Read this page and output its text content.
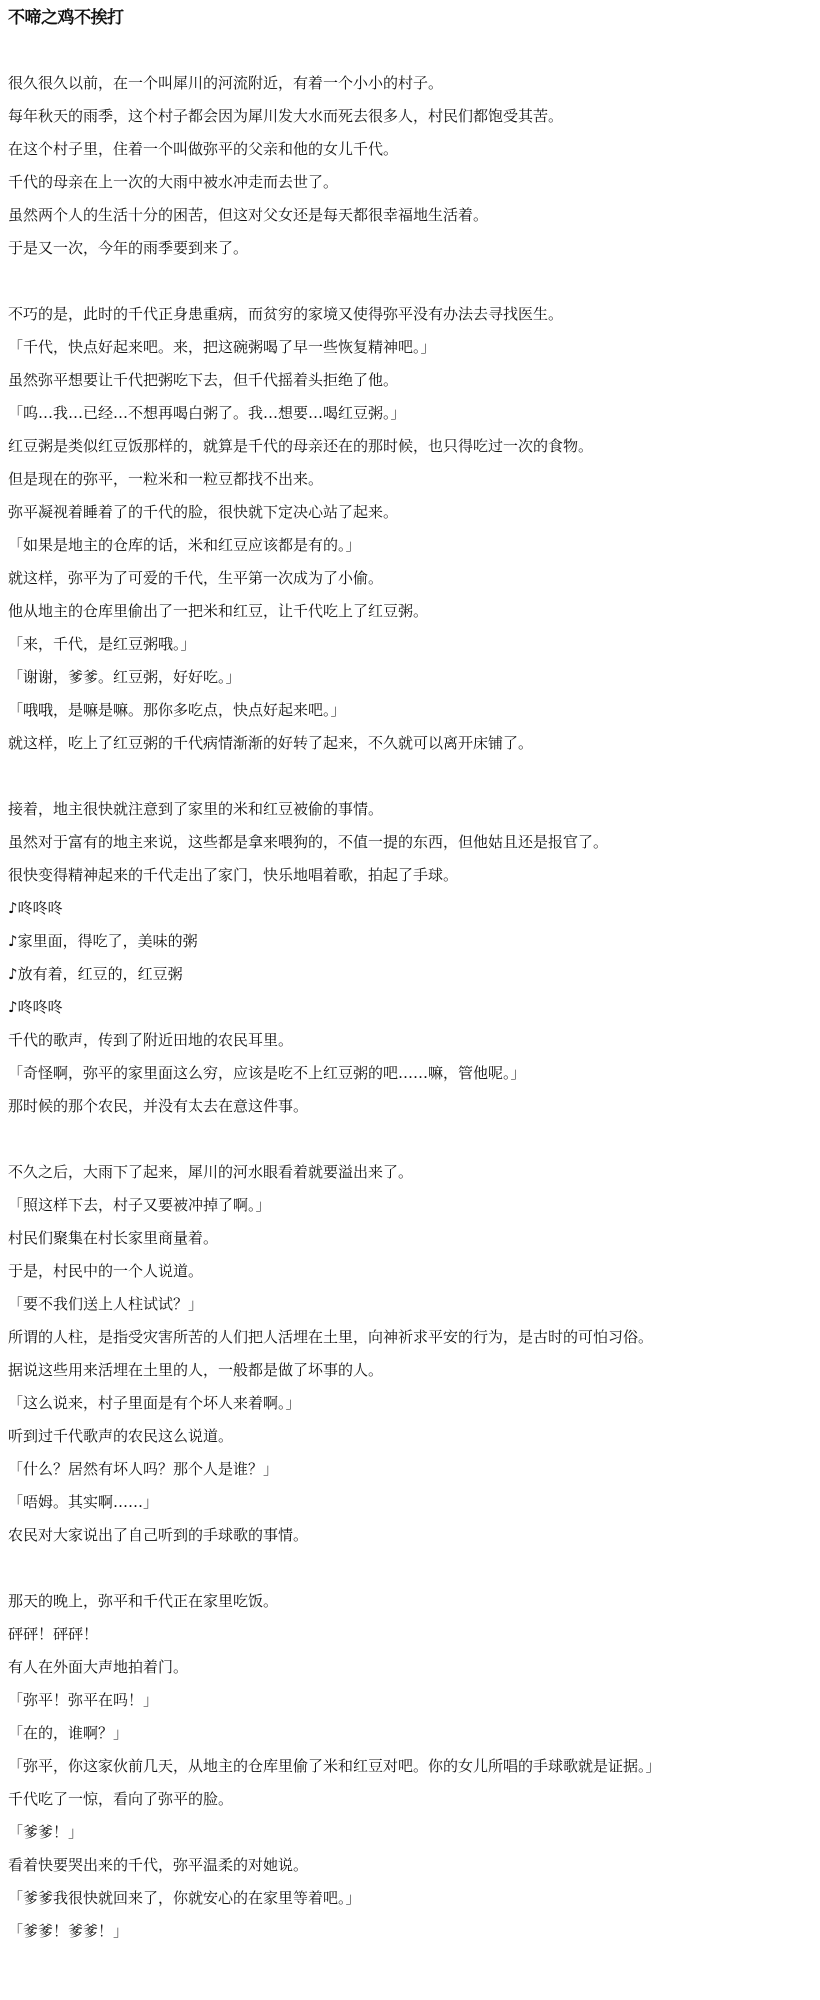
不啼之鸡不挨打
很久很久以前，在一个叫犀川的河流附近，有着一个小小的村子。
每年秋天的雨季，这个村子都会因为犀川发大水而死去很多人，村民们都饱受其苦。
在这个村子里，住着一个叫做弥平的父亲和他的女儿千代。
千代的母亲在上一次的大雨中被水冲走而去世了。
虽然两个人的生活十分的困苦，但这对父女还是每天都很幸福地生活着。
于是又一次，今年的雨季要到来了。
不巧的是，此时的千代正身患重病，而贫穷的家境又使得弥平没有办法去寻找医生。
「千代，快点好起来吧。来，把这碗粥喝了早一些恢复精神吧。」
虽然弥平想要让千代把粥吃下去，但千代摇着头拒绝了他。
「呜…我…已经…不想再喝白粥了。我…想要…喝红豆粥。」
红豆粥是类似红豆饭那样的，就算是千代的母亲还在的那时候，也只得吃过一次的食物。
但是现在的弥平，一粒米和一粒豆都找不出来。
弥平凝视着睡着了的千代的脸，很快就下定决心站了起来。
「如果是地主的仓库的话，米和红豆应该都是有的。」
就这样，弥平为了可爱的千代，生平第一次成为了小偷。
他从地主的仓库里偷出了一把米和红豆，让千代吃上了红豆粥。
「来，千代，是红豆粥哦。」
「谢谢，爹爹。红豆粥，好好吃。」
「哦哦，是嘛是嘛。那你多吃点，快点好起来吧。」
就这样，吃上了红豆粥的千代病情渐渐的好转了起来，不久就可以离开床铺了。
接着，地主很快就注意到了家里的米和红豆被偷的事情。
虽然对于富有的地主来说，这些都是拿来喂狗的，不值一提的东西，但他姑且还是报官了。
很快变得精神起来的千代走出了家门，快乐地唱着歌，拍起了手球。
♪咚咚咚
♪家里面，得吃了，美味的粥
♪放有着，红豆的，红豆粥
♪咚咚咚
千代的歌声，传到了附近田地的农民耳里。
「奇怪啊，弥平的家里面这么穷，应该是吃不上红豆粥的吧……嘛，管他呢。」
那时候的那个农民，并没有太去在意这件事。
不久之后，大雨下了起来，犀川的河水眼看着就要溢出来了。
「照这样下去，村子又要被冲掉了啊。」
村民们聚集在村长家里商量着。
于是，村民中的一个人说道。
「要不我们送上人柱试试？」
所谓的人柱，是指受灾害所苦的人们把人活埋在土里，向神祈求平安的行为，是古时的可怕习俗。
据说这些用来活埋在土里的人，一般都是做了坏事的人。
「这么说来，村子里面是有个坏人来着啊。」
听到过千代歌声的农民这么说道。
「什么？居然有坏人吗？那个人是谁？」
「唔姆。其实啊……」
农民对大家说出了自己听到的手球歌的事情。
那天的晚上，弥平和千代正在家里吃饭。
砰砰！砰砰！
有人在外面大声地拍着门。
「弥平！弥平在吗！」
「在的，谁啊？」
「弥平，你这家伙前几天，从地主的仓库里偷了米和红豆对吧。你的女儿所唱的手球歌就是证据。」
千代吃了一惊，看向了弥平的脸。
「爹爹！」
看着快要哭出来的千代，弥平温柔的对她说。
「爹爹我很快就回来了，你就安心的在家里等着吧。」
「爹爹！爹爹！」
